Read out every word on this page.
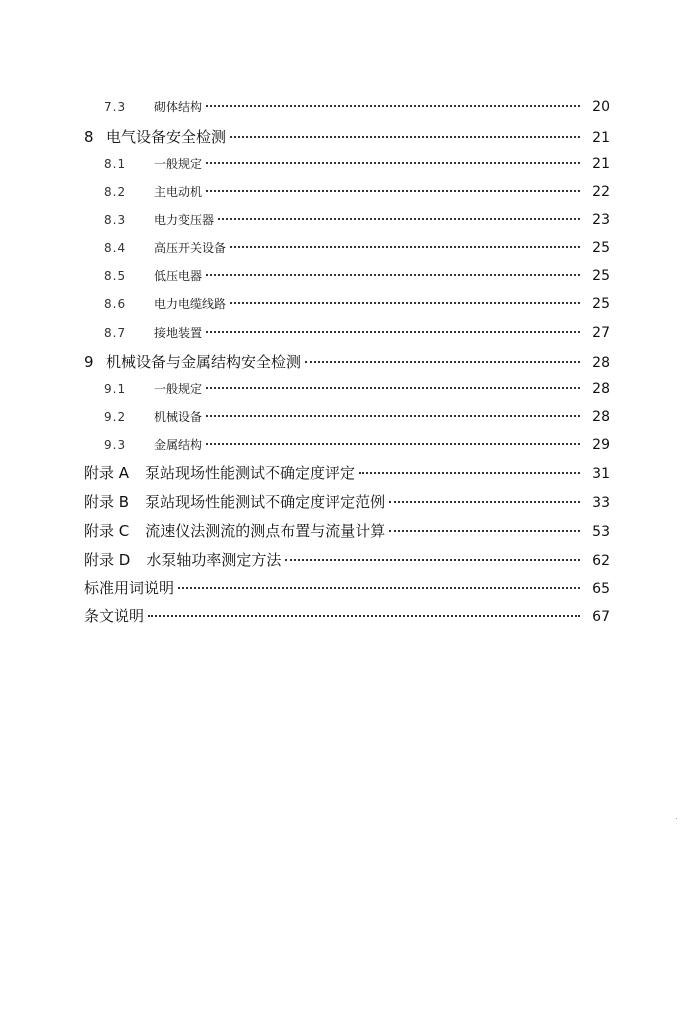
7.3	砌体结构	20
8 电气设备安全检测	21
8.1	一般规定	21
8.2	主电动机	22
8.3	电力变压器	23
8.4	高压开关设备	25
8.5	低压电器	25
8.6	电力电缆线路	25
8.7	接地装置	27
9 机械设备与金属结构安全检测	28
9.1	一般规定	28
9.2	机械设备	28
9.3	金属结构	29
附录 A 泵站现场性能测试不确定度评定	31
附录 B 泵站现场性能测试不确定度评定范例	33
附录 C 流速仪法测流的测点布置与流量计算	53
附录 D 水泵轴功率测定方法	62
标准用词说明	65
条文说明	67
